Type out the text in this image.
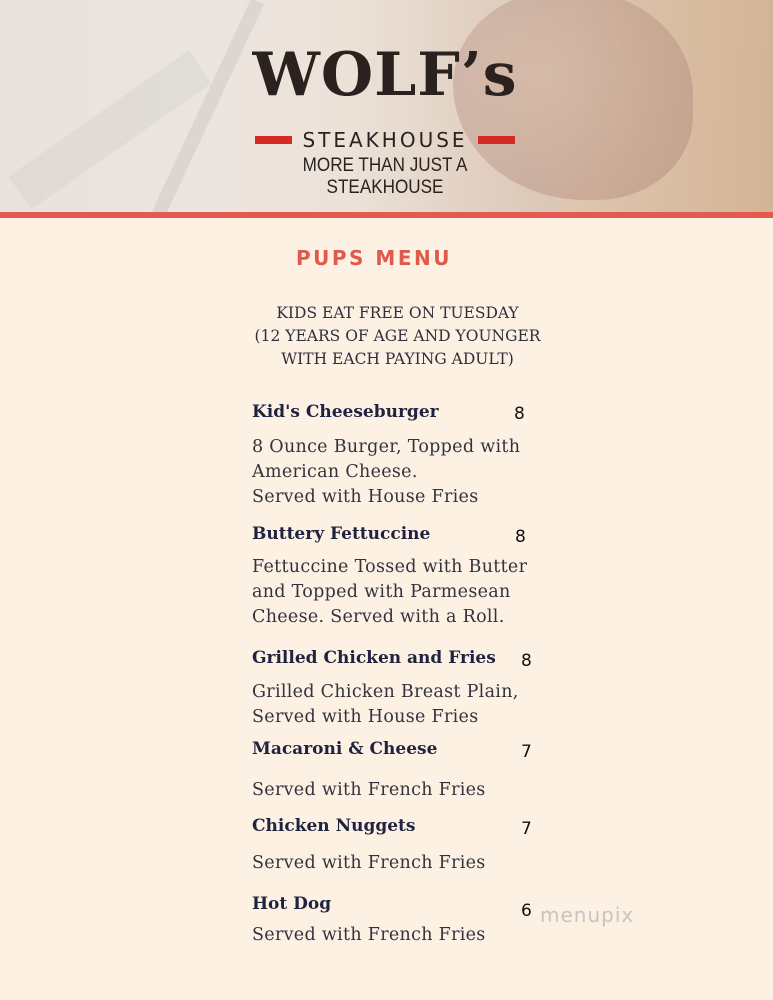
WOLF’s
STEAKHOUSE
MORE THAN JUST A STEAKHOUSE
PUPS MENU
KIDS EAT FREE ON TUESDAY
(12 YEARS OF AGE AND YOUNGER
WITH EACH PAYING ADULT)
Kid's Cheeseburger	8
8 Ounce Burger, Topped with
American Cheese.
Served with House Fries
Buttery Fettuccine	8
Fettuccine Tossed with Butter
and Topped with Parmesean
Cheese. Served with a Roll.
Grilled Chicken and Fries 8
Grilled Chicken Breast Plain,
Served with House Fries
Macaroni & Cheese	7
Served with French Fries
Chicken Nuggets	7
Served with French Fries
Hot Dog	6
Served with French Fries
menupix
